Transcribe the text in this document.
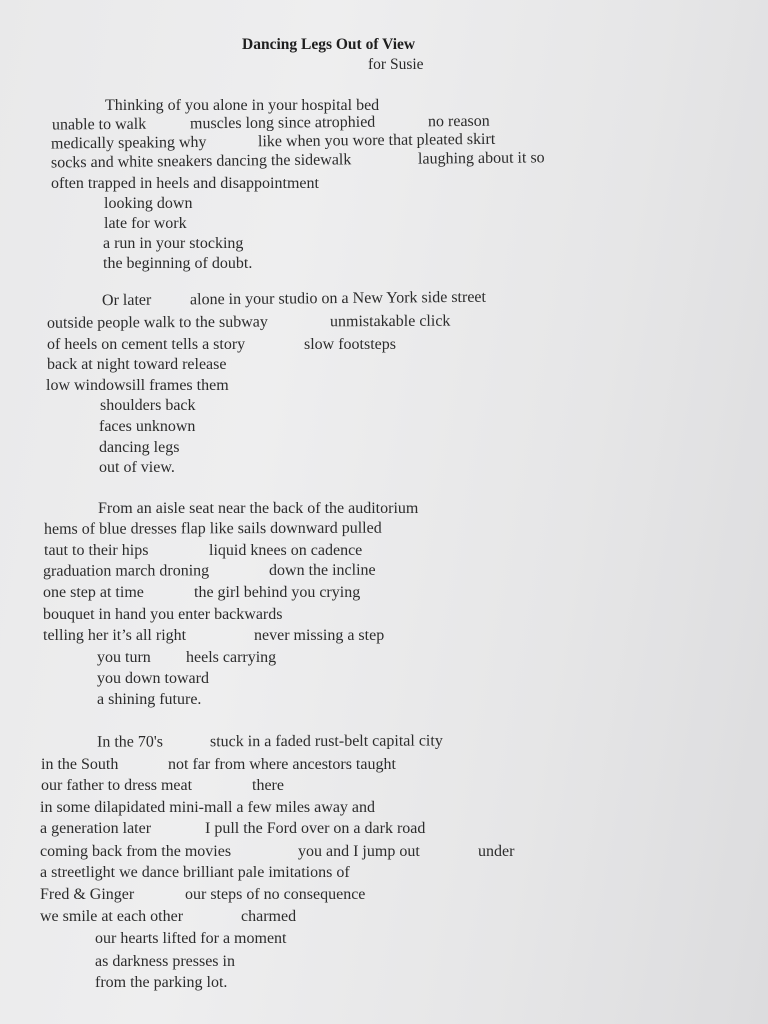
Dancing Legs Out of View
for Susie
Thinking of you alone in your hospital bed
unable to walk	muscles long since atrophied	no reason
medically speaking why	like when you wore that pleated skirt
socks and white sneakers dancing the sidewalk	laughing about it so
often trapped in heels and disappointment
looking down
late for work
a run in your stocking
the beginning of doubt.
Or later alone in your studio on a New York side street
outside people walk to the subway	unmistakable click
of heels on cement tells a story	slow footsteps
back at night toward release
low windowsill frames them
shoulders back
faces unknown
dancing legs
out of view.
From an aisle seat near the back of the auditorium
hems of blue dresses flap like sails downward pulled
taut to their hips	liquid knees on cadence
graduation march droning	down the incline
one step at time	the girl behind you crying
bouquet in hand you enter backwards
telling her it’s all right	never missing a step
you turn heels carrying
you down toward
a shining future.
In the 70's	stuck in a faded rust-belt capital city
in the South	not far from where ancestors taught
our father to dress meat	there
in some dilapidated mini-mall a few miles away and
a generation later	I pull the Ford over on a dark road
coming back from the movies	you and I jump out	under
a streetlight we dance brilliant pale imitations of
Fred & Ginger	our steps of no consequence
we smile at each other	charmed
our hearts lifted for a moment
as darkness presses in
from the parking lot.
